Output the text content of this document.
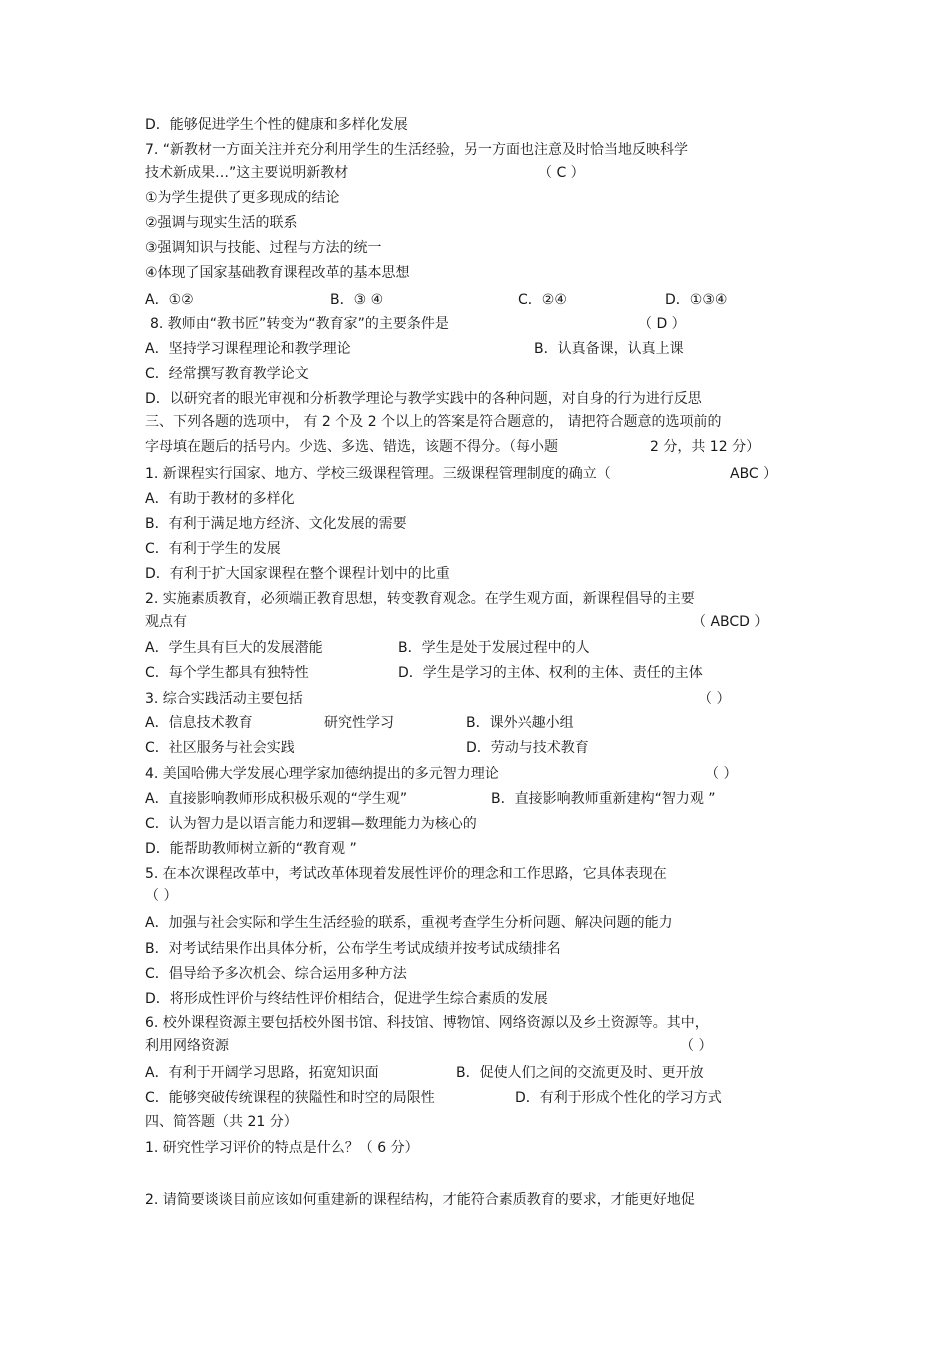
D．能够促进学生个性的健康和多样化发展
7. “新教材一方面关注并充分利用学生的生活经验，另一方面也注意及时恰当地反映科学
技术新成果…”这主要说明新教材	（ C ）
①为学生提供了更多现成的结论
②强调与现实生活的联系
③强调知识与技能、过程与方法的统一
④体现了国家基础教育课程改革的基本思想
A．①②	B．③ ④	C．②④	D．①③④
8. 教师由“教书匠”转变为“教育家”的主要条件是	（ D ）
A．坚持学习课程理论和教学理论	B．认真备课，认真上课
C．经常撰写教育教学论文
D．以研究者的眼光审视和分析教学理论与教学实践中的各种问题，对自身的行为进行反思
三、下列各题的选项中， 有 2 个及 2 个以上的答案是符合题意的， 请把符合题意的选项前的
字母填在题后的括号内。少选、多选、错选，该题不得分。（每小题	2 分，共 12 分）
1. 新课程实行国家、地方、学校三级课程管理。三级课程管理制度的确立（	ABC ）
A．有助于教材的多样化
B．有利于满足地方经济、文化发展的需要
C．有利于学生的发展
D．有利于扩大国家课程在整个课程计划中的比重
2. 实施素质教育，必须端正教育思想，转变教育观念。在学生观方面，新课程倡导的主要
观点有	（ ABCD ）
A．学生具有巨大的发展潜能	B．学生是处于发展过程中的人
C．每个学生都具有独特性	D．学生是学习的主体、权利的主体、责任的主体
3. 综合实践活动主要包括	（ ）
A．信息技术教育	研究性学习	B．课外兴趣小组
C．社区服务与社会实践	D．劳动与技术教育
4. 美国哈佛大学发展心理学家加德纳提出的多元智力理论	（ ）
A．直接影响教师形成积极乐观的“学生观”	B．直接影响教师重新建构“智力观 ”
C．认为智力是以语言能力和逻辑—数理能力为核心的
D．能帮助教师树立新的“教育观 ”
5. 在本次课程改革中，考试改革体现着发展性评价的理念和工作思路，它具体表现在
（ ）
A．加强与社会实际和学生生活经验的联系，重视考查学生分析问题、解决问题的能力
B．对考试结果作出具体分析，公布学生考试成绩并按考试成绩排名
C．倡导给予多次机会、综合运用多种方法
D．将形成性评价与终结性评价相结合，促进学生综合素质的发展
6. 校外课程资源主要包括校外图书馆、科技馆、博物馆、网络资源以及乡土资源等。其中，
利用网络资源	（ ）
A．有利于开阔学习思路，拓宽知识面	B．促使人们之间的交流更及时、更开放
C．能够突破传统课程的狭隘性和时空的局限性	D．有利于形成个性化的学习方式
四、简答题（共 21 分）
1. 研究性学习评价的特点是什么？（ 6 分）
2. 请简要谈谈目前应该如何重建新的课程结构，才能符合素质教育的要求，才能更好地促
